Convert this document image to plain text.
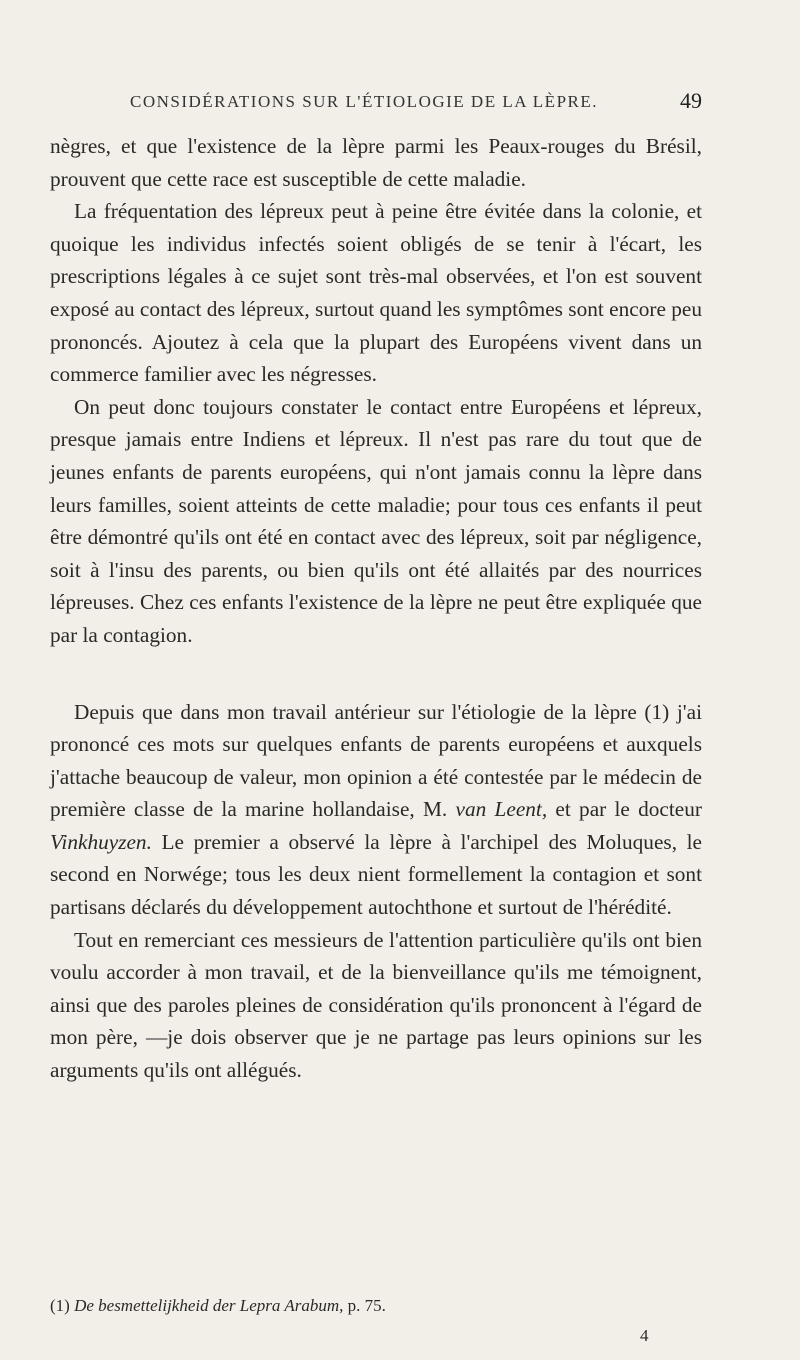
CONSIDÉRATIONS SUR L'ÉTIOLOGIE DE LA LÈPRE.	49

nègres, et que l'existence de la lèpre parmi les Peaux-rouges du Brésil, prouvent que cette race est susceptible de cette maladie.

La fréquentation des lépreux peut à peine être évitée dans la colonie, et quoique les individus infectés soient obligés de se tenir à l'écart, les prescriptions légales à ce sujet sont très-mal observées, et l'on est souvent exposé au contact des lépreux, surtout quand les symptômes sont encore peu prononcés. Ajoutez à cela que la plupart des Européens vivent dans un commerce familier avec les négresses.

On peut donc toujours constater le contact entre Européens et lépreux, presque jamais entre Indiens et lépreux. Il n'est pas rare du tout que de jeunes enfants de parents européens, qui n'ont jamais connu la lèpre dans leurs familles, soient atteints de cette maladie; pour tous ces enfants il peut être démontré qu'ils ont été en contact avec des lépreux, soit par négligence, soit à l'insu des parents, ou bien qu'ils ont été allaités par des nourrices lépreuses. Chez ces enfants l'existence de la lèpre ne peut être expliquée que par la contagion.

Depuis que dans mon travail antérieur sur l'étiologie de la lèpre (1) j'ai prononcé ces mots sur quelques enfants de parents européens et auxquels j'attache beaucoup de valeur, mon opinion a été contestée par le médecin de première classe de la marine hollandaise, M. van Leent, et par le docteur Vinkhuyzen. Le premier a observé la lèpre à l'archipel des Moluques, le second en Norwége; tous les deux nient formellement la contagion et sont partisans déclarés du développement autochthone et surtout de l'hérédité.

Tout en remerciant ces messieurs de l'attention particulière qu'ils ont bien voulu accorder à mon travail, et de la bienveillance qu'ils me témoignent, ainsi que des paroles pleines de considération qu'ils prononcent à l'égard de mon père, —je dois observer que je ne partage pas leurs opinions sur les arguments qu'ils ont allégués.

(1) De besmettelijkheid der Lepra Arabum, p. 75.
4
